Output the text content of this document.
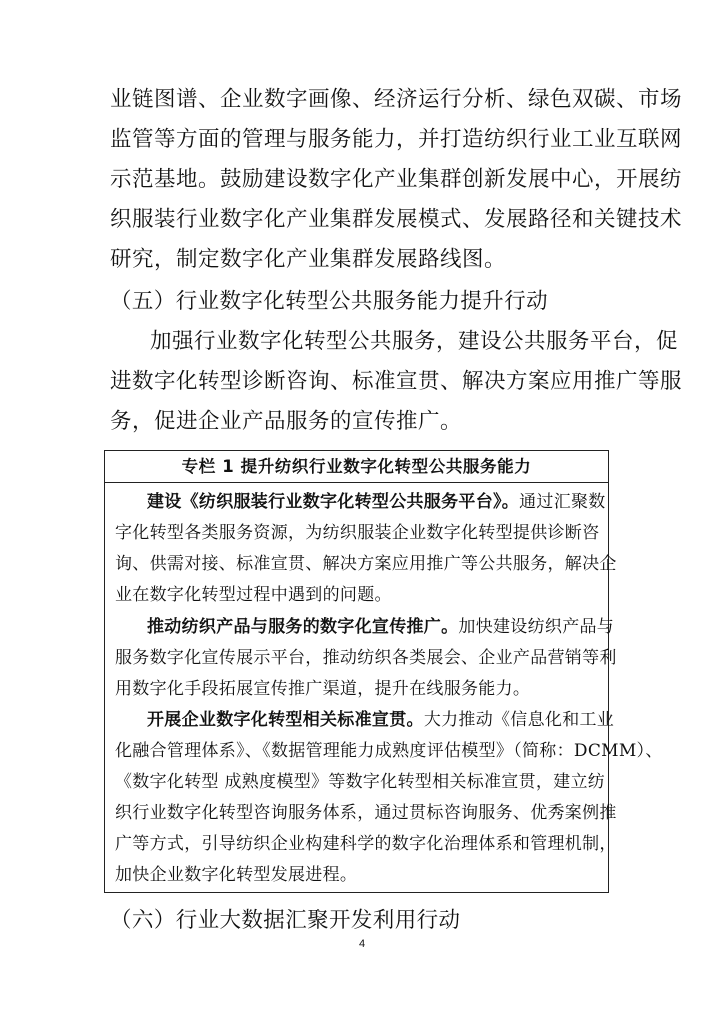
业链图谱、企业数字画像、经济运行分析、绿色双碳、市场
监管等方面的管理与服务能力，并打造纺织行业工业互联网
示范基地。鼓励建设数字化产业集群创新发展中心，开展纺
织服装行业数字化产业集群发展模式、发展路径和关键技术
研究，制定数字化产业集群发展路线图。
（五）行业数字化转型公共服务能力提升行动
加强行业数字化转型公共服务，建设公共服务平台，促
进数字化转型诊断咨询、标准宣贯、解决方案应用推广等服
务，促进企业产品服务的宣传推广。
专栏 1 提升纺织行业数字化转型公共服务能力
建设《纺织服装行业数字化转型公共服务平台》。通过汇聚数
字化转型各类服务资源，为纺织服装企业数字化转型提供诊断咨
询、供需对接、标准宣贯、解决方案应用推广等公共服务，解决企
业在数字化转型过程中遇到的问题。
推动纺织产品与服务的数字化宣传推广。加快建设纺织产品与
服务数字化宣传展示平台，推动纺织各类展会、企业产品营销等利
用数字化手段拓展宣传推广渠道，提升在线服务能力。
开展企业数字化转型相关标准宣贯。大力推动《信息化和工业
化融合管理体系》、《数据管理能力成熟度评估模型》（简称：DCMM）、
《数字化转型 成熟度模型》等数字化转型相关标准宣贯，建立纺
织行业数字化转型咨询服务体系，通过贯标咨询服务、优秀案例推
广等方式，引导纺织企业构建科学的数字化治理体系和管理机制，
加快企业数字化转型发展进程。
（六）行业大数据汇聚开发利用行动
4
